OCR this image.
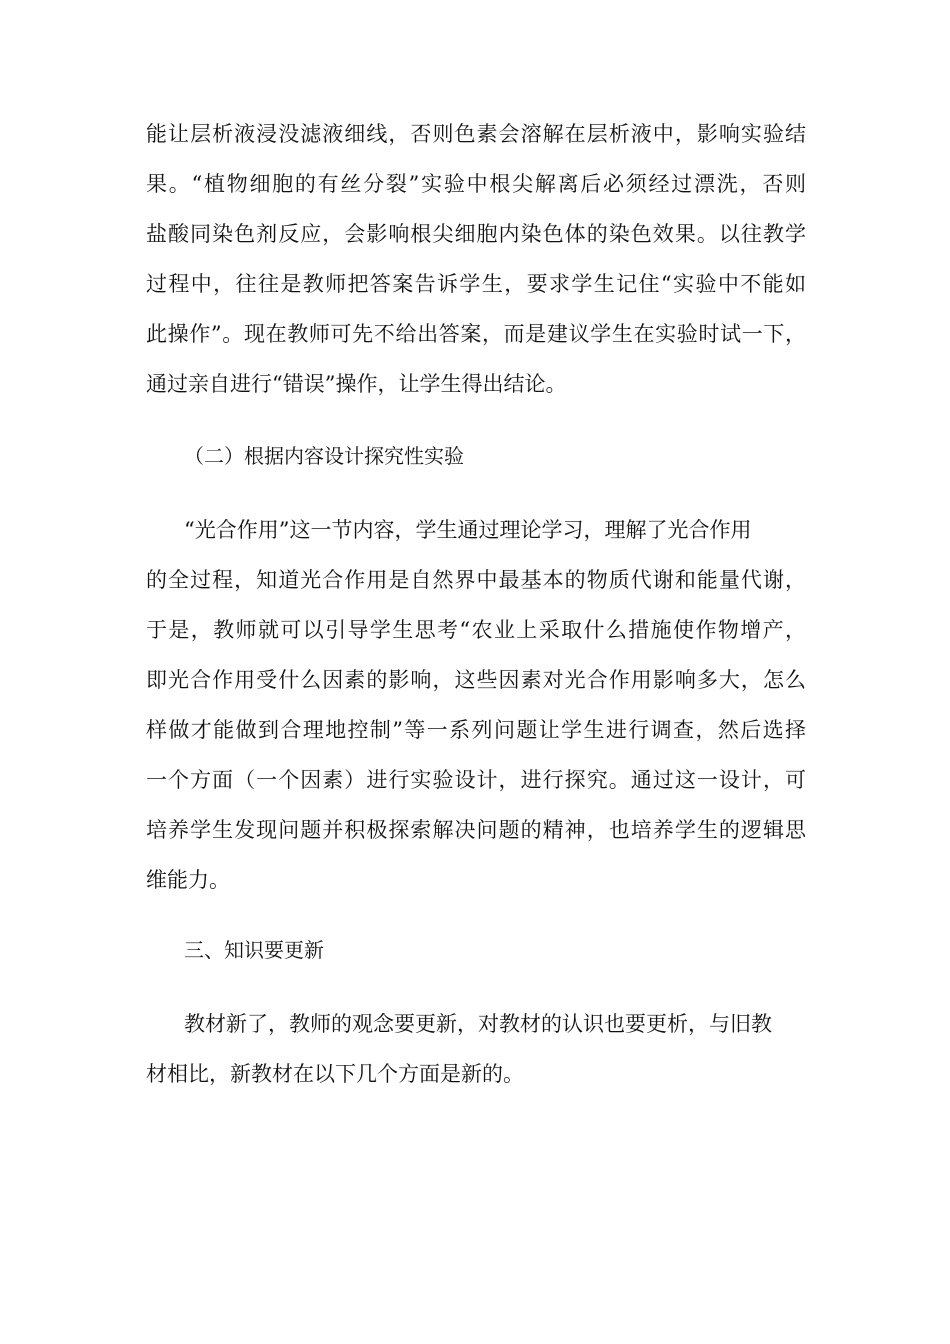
能让层析液浸没滤液细线，否则色素会溶解在层析液中，影响实验结
果。“植物细胞的有丝分裂”实验中根尖解离后必须经过漂洗，否则
盐酸同染色剂反应，会影响根尖细胞内染色体的染色效果。以往教学
过程中，往往是教师把答案告诉学生，要求学生记住“实验中不能如
此操作”。现在教师可先不给出答案，而是建议学生在实验时试一下，
通过亲自进行“错误”操作，让学生得出结论。
（二）根据内容设计探究性实验
“光合作用”这一节内容，学生通过理论学习，理解了光合作用
的全过程，知道光合作用是自然界中最基本的物质代谢和能量代谢，
于是，教师就可以引导学生思考“农业上采取什么措施使作物增产，
即光合作用受什么因素的影响，这些因素对光合作用影响多大，怎么
样做才能做到合理地控制”等一系列问题让学生进行调查，然后选择
一个方面（一个因素）进行实验设计，进行探究。通过这一设计，可
培养学生发现问题并积极探索解决问题的精神，也培养学生的逻辑思
维能力。
三、知识要更新
教材新了，教师的观念要更新，对教材的认识也要更析，与旧教
材相比，新教材在以下几个方面是新的。
